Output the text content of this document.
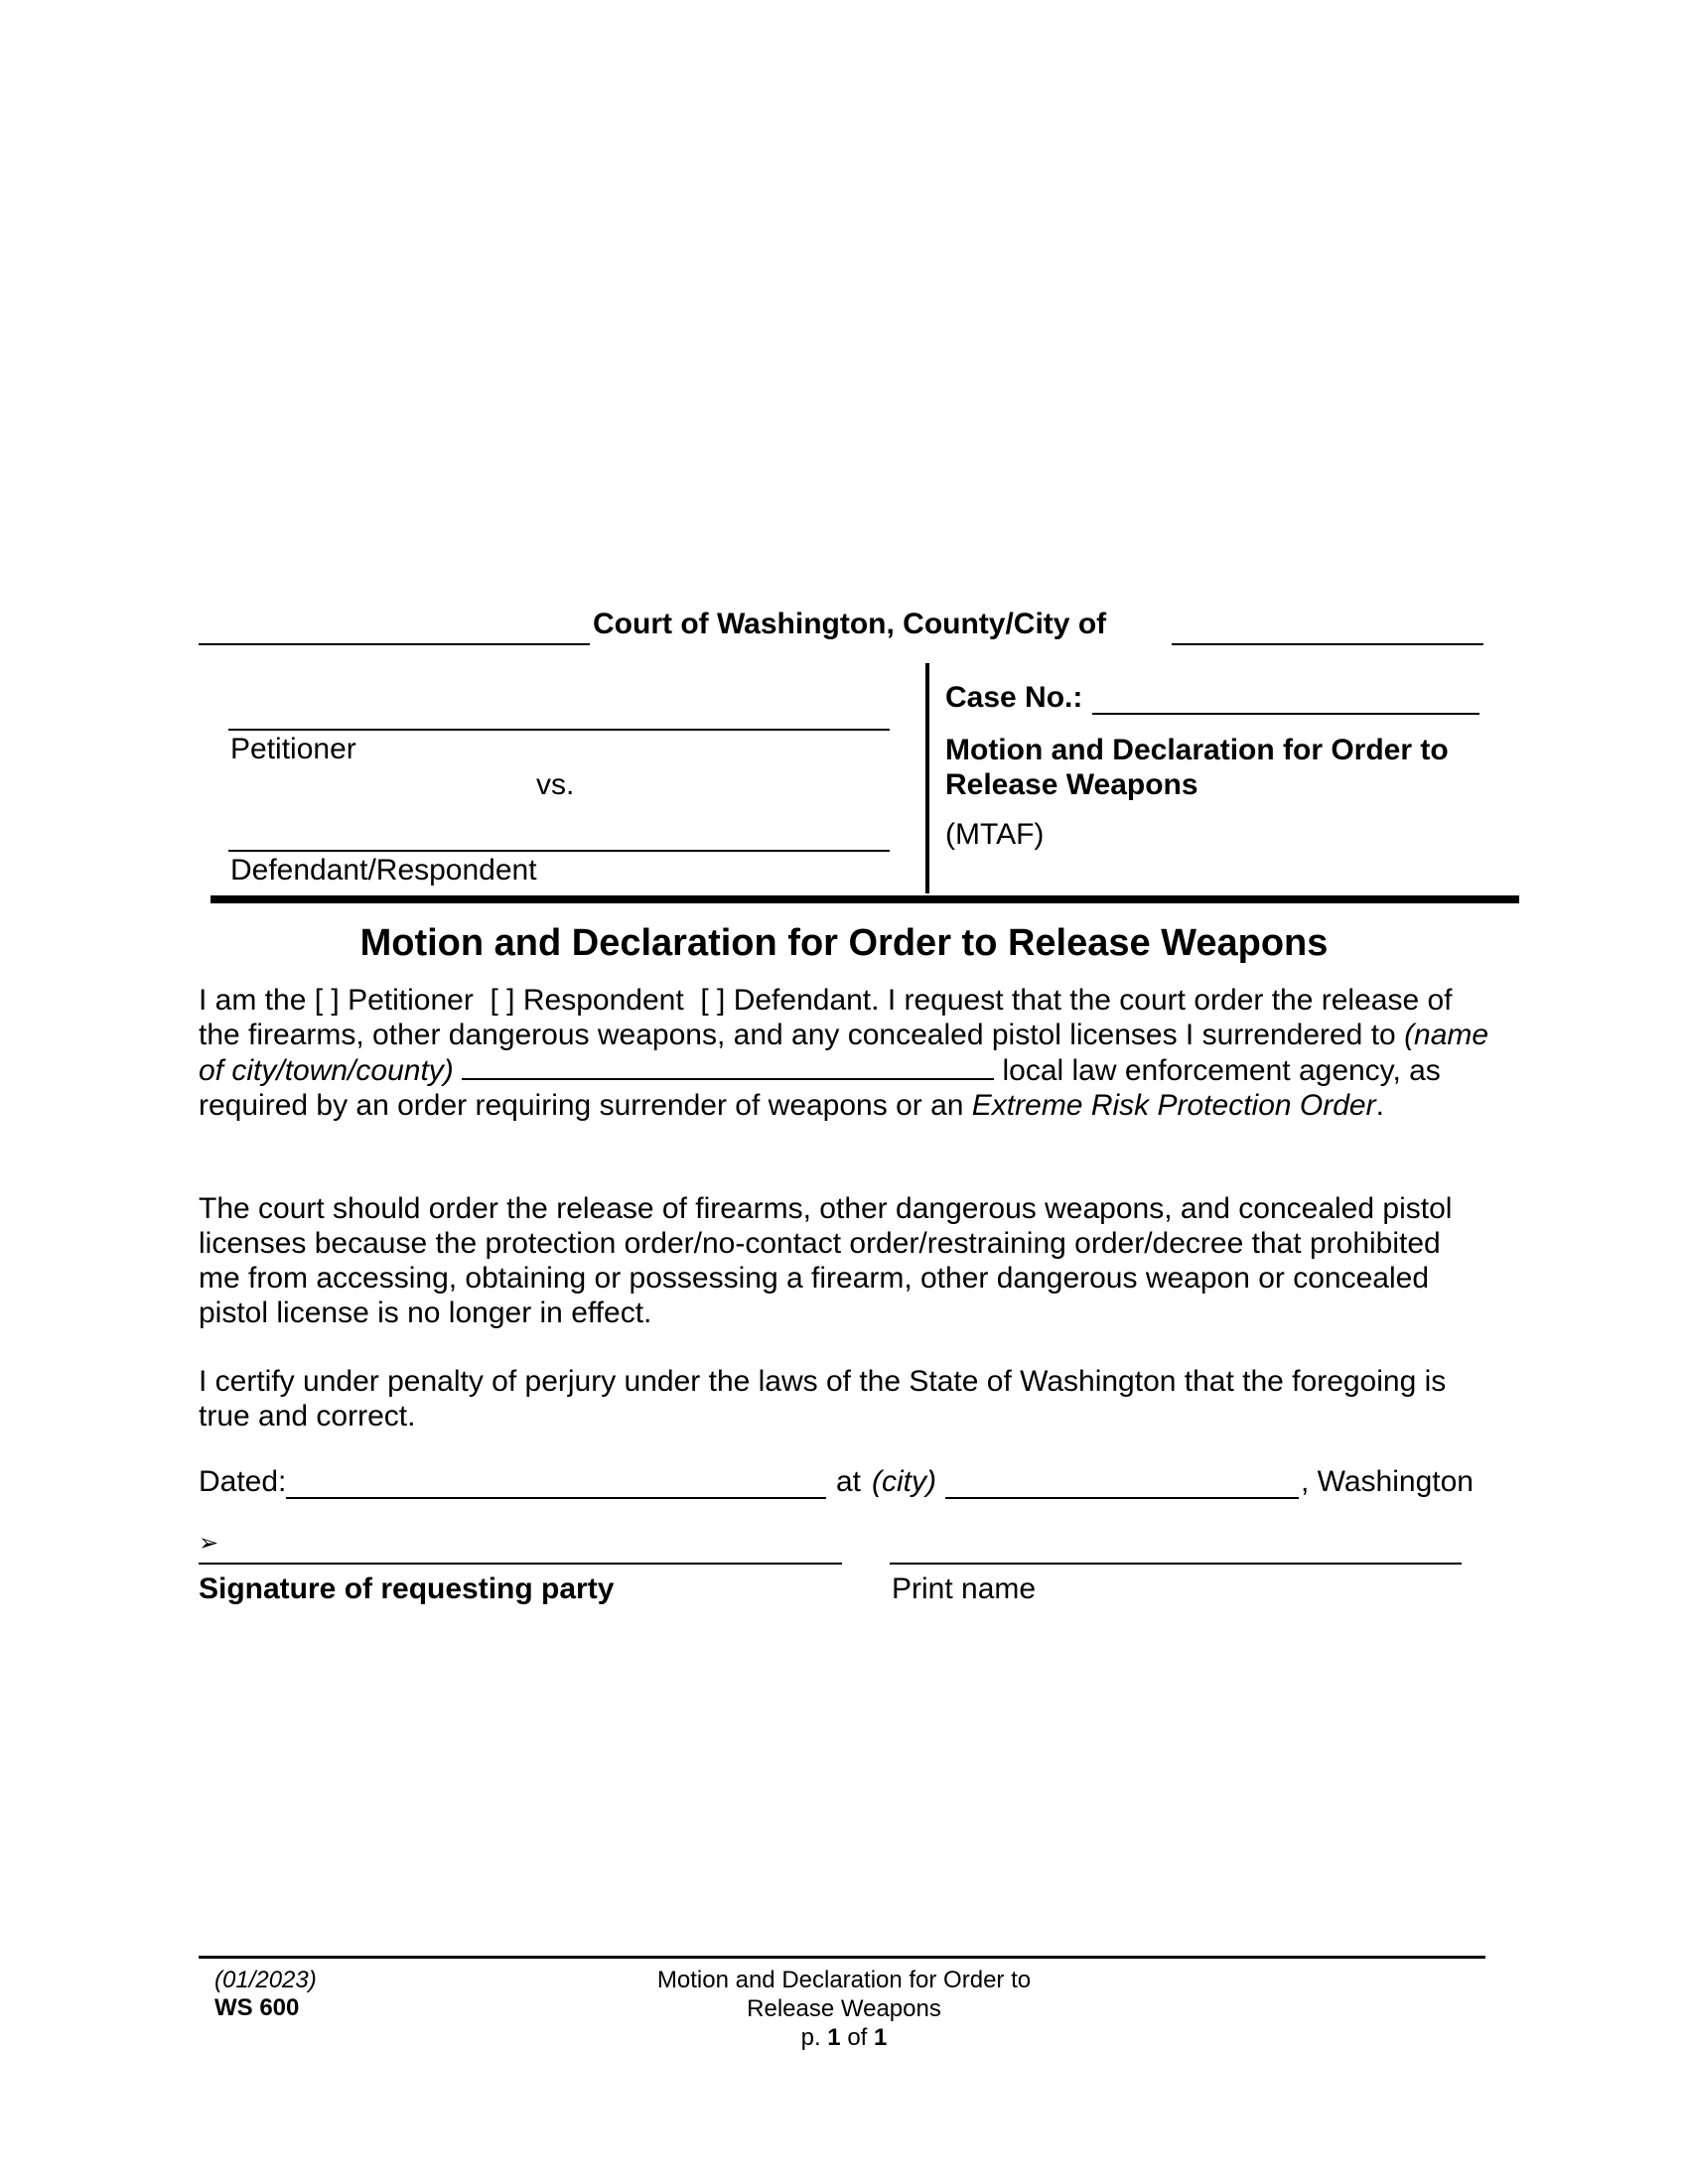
Court of Washington, County/City of
Petitioner
vs.
Defendant/Respondent
Case No.:
Motion and Declaration for Order to Release Weapons
(MTAF)
Motion and Declaration for Order to Release Weapons

I am the [ ] Petitioner [ ] Respondent [ ] Defendant. I request that the court order the release of the firearms, other dangerous weapons, and any concealed pistol licenses I surrendered to (name of city/town/county)	local law enforcement agency, as required by an order requiring surrender of weapons or an Extreme Risk Protection Order.

The court should order the release of firearms, other dangerous weapons, and concealed pistol licenses because the protection order/no-contact order/restraining order/decree that prohibited me from accessing, obtaining or possessing a firearm, other dangerous weapon or concealed pistol license is no longer in effect.

I certify under penalty of perjury under the laws of the State of Washington that the foregoing is true and correct.

Dated:	at (city)	, Washington
➢
Signature of requesting party	Print name
(01/2023)
WS 600
Motion and Declaration for Order to
Release Weapons
p. 1 of 1
